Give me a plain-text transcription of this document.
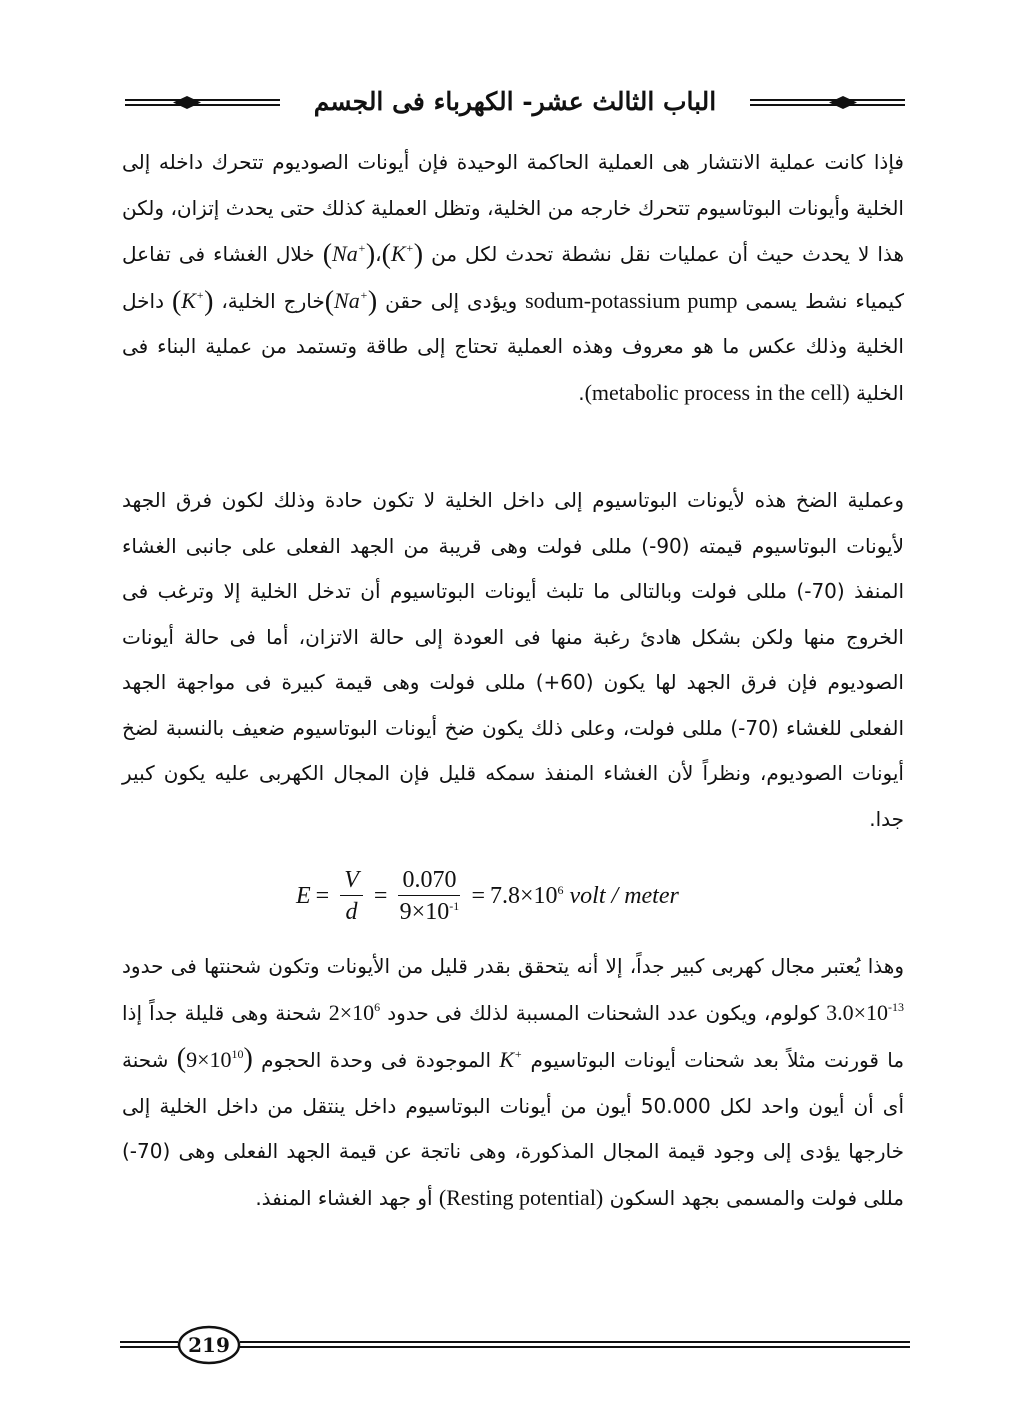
الباب الثالث عشر- الكهرباء فى الجسم

فإذا كانت عملية الانتشار هى العملية الحاكمة الوحيدة فإن أيونات الصوديوم تتحرك داخله إلى الخلية وأيونات البوتاسيوم تتحرك خارجه من الخلية، وتظل العملية كذلك حتى يحدث إتزان، ولكن هذا لا يحدث حيث أن عمليات نقل نشطة تحدث لكل من (K+)،(Na+) خلال الغشاء فى تفاعل كيمياء نشط يسمى sodum-potassium pump ويؤدى إلى حقن (Na+)خارج الخلية، (K+) داخل الخلية وذلك عكس ما هو معروف وهذه العملية تحتاج إلى طاقة وتستمد من عملية البناء فى الخلية (metabolic process in the cell).

وعملية الضخ هذه لأيونات البوتاسيوم إلى داخل الخلية لا تكون حادة وذلك لكون فرق الجهد لأيونات البوتاسيوم قيمته (90-) مللى فولت وهى قريبة من الجهد الفعلى على جانبى الغشاء المنفذ (70-) مللى فولت وبالتالى ما تلبث أيونات البوتاسيوم أن تدخل الخلية إلا وترغب فى الخروج منها ولكن بشكل هادئ رغبة منها فى العودة إلى حالة الاتزان، أما فى حالة أيونات الصوديوم فإن فرق الجهد لها يكون (60+) مللى فولت وهى قيمة كبيرة فى مواجهة الجهد الفعلى للغشاء (70-) مللى فولت، وعلى ذلك يكون ضخ أيونات البوتاسيوم ضعيف بالنسبة لضخ أيونات الصوديوم، ونظراً لأن الغشاء المنفذ سمكه قليل فإن المجال الكهربى عليه يكون كبير جدا.

$E = \frac{V}{d} = \frac{0.070}{9\times 10^{-1}} = 7.8\times 10^6$ volt / meter

وهذا يُعتبر مجال كهربى كبير جداً، إلا أنه يتحقق بقدر قليل من الأيونات وتكون شحنتها فى حدود $3.0\times 10^{-13}$ كولوم، ويكون عدد الشحنات المسببة لذلك فى حدود $2\times 10^6$ شحنة وهى قليلة جداً إذا ما قورنت مثلاً بعد شحنات أيونات البوتاسيوم K+ الموجودة فى وحدة الحجوم $(9\times 10^{10})$ شحنة أى أن أيون واحد لكل 50.000 أيون من أيونات البوتاسيوم داخل ينتقل من داخل الخلية إلى خارجها يؤدى إلى وجود قيمة المجال المذكورة، وهى ناتجة عن قيمة الجهد الفعلى وهى (70-) مللى فولت والمسمى بجهد السكون (Resting potential) أو جهد الغشاء المنفذ.

219
